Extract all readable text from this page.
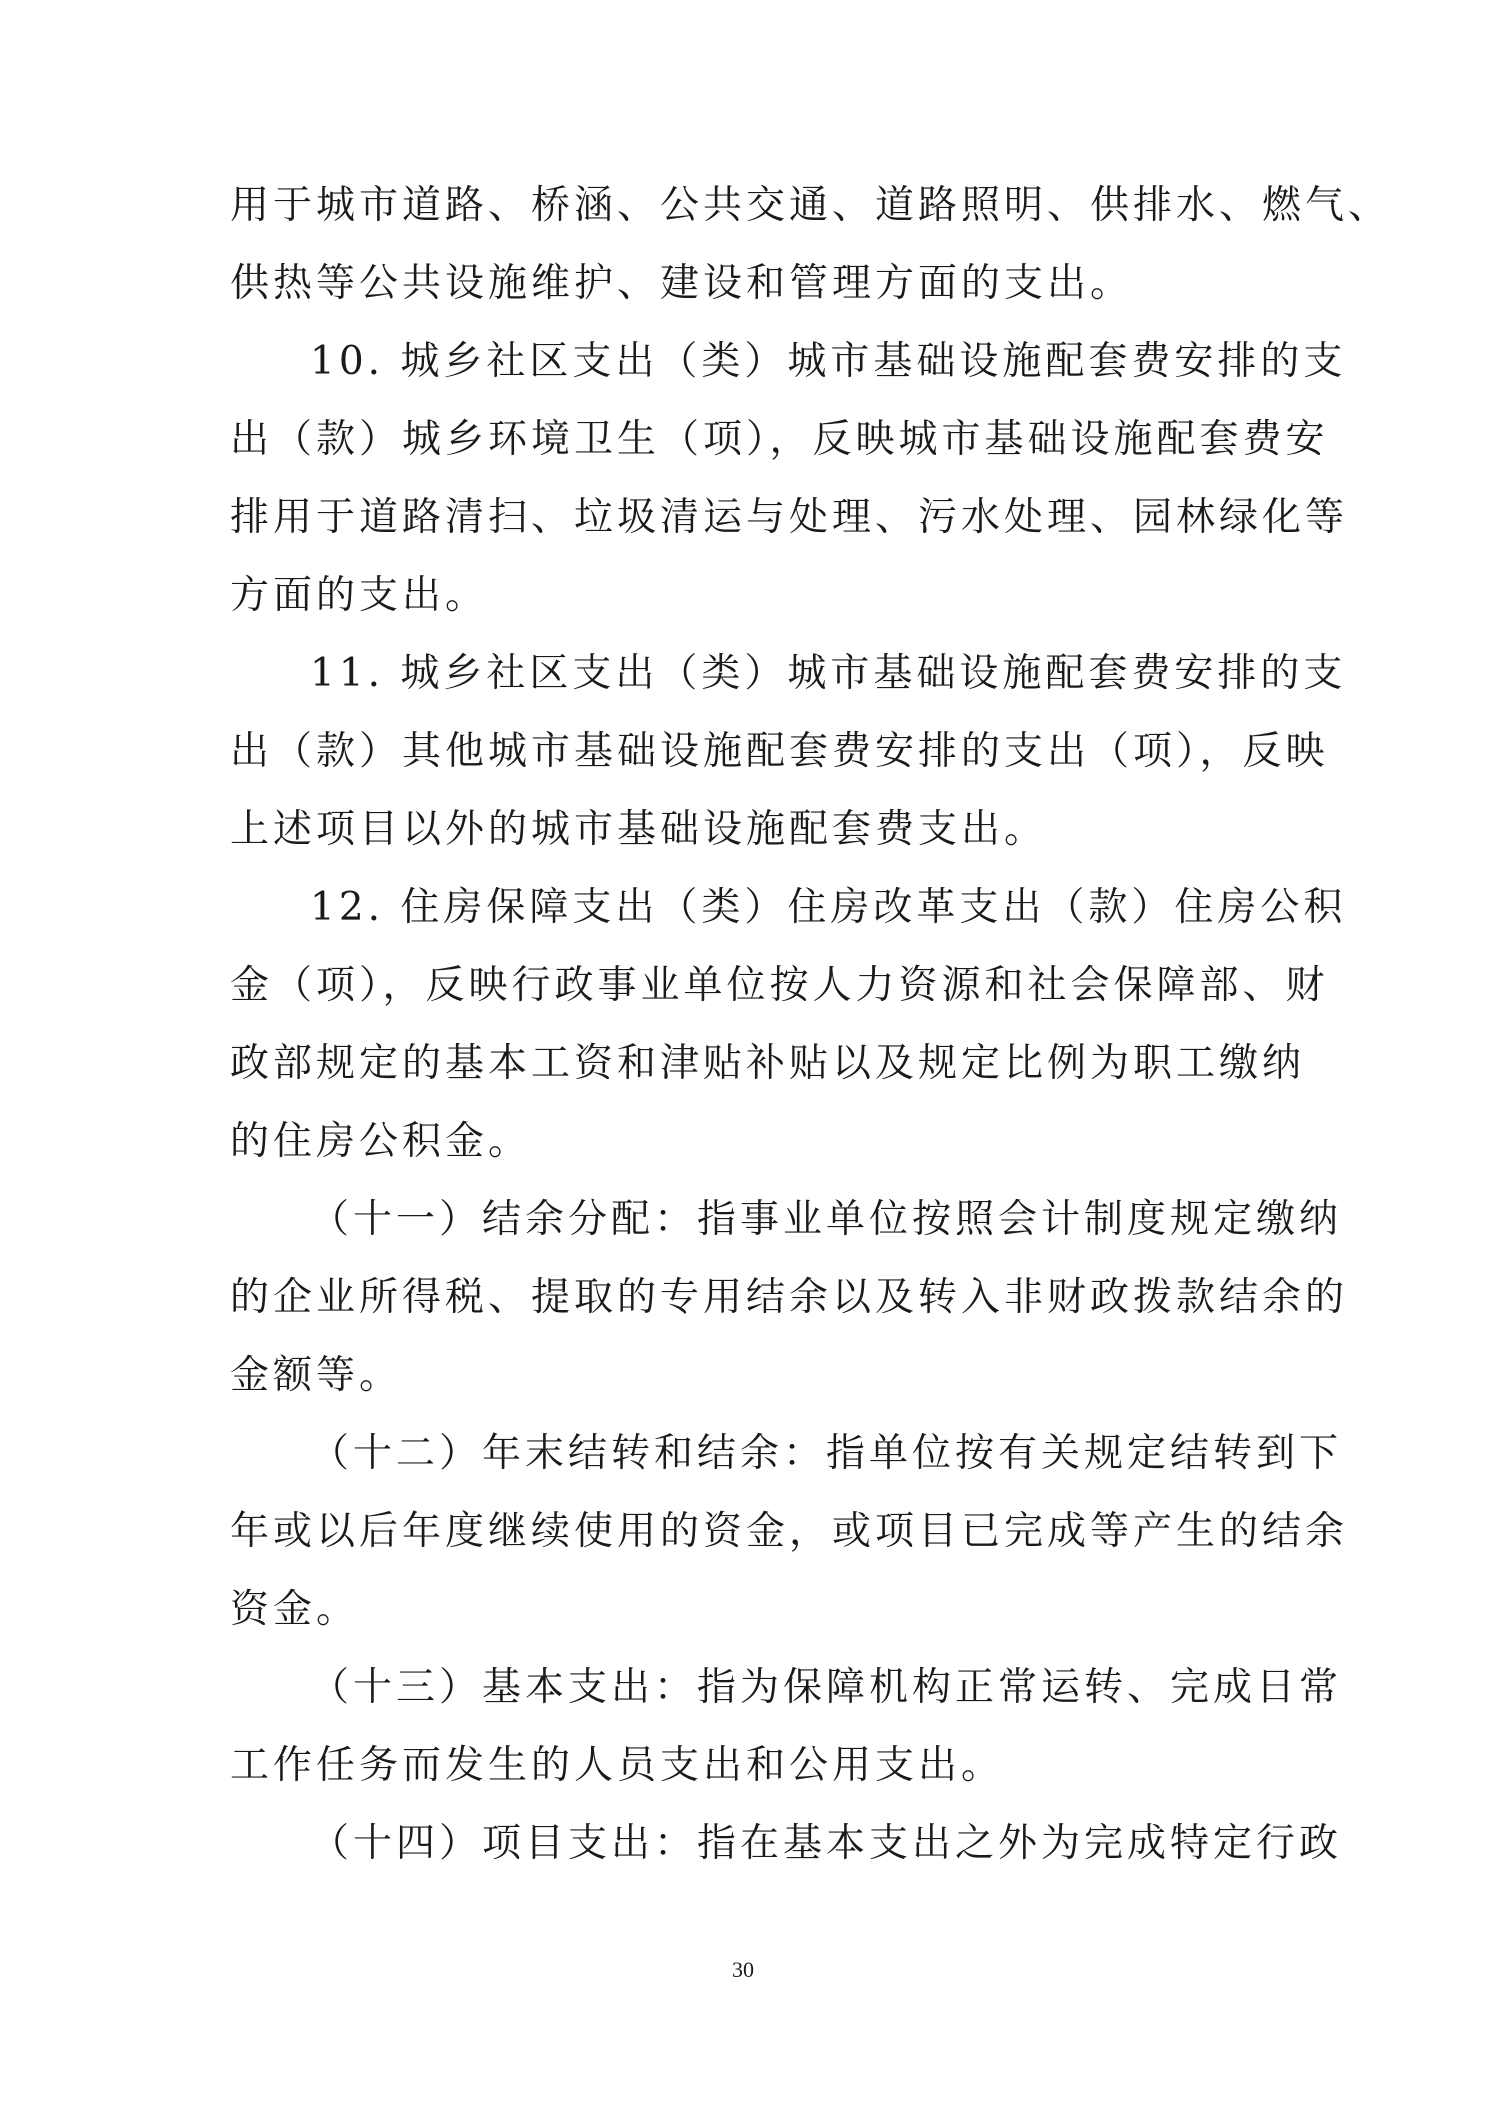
用于城市道路、桥涵、公共交通、道路照明、供排水、燃气、
供热等公共设施维护、建设和管理方面的支出。
10. 城乡社区支出（类）城市基础设施配套费安排的支
出（款）城乡环境卫生（项），反映城市基础设施配套费安
排用于道路清扫、垃圾清运与处理、污水处理、园林绿化等
方面的支出。
11. 城乡社区支出（类）城市基础设施配套费安排的支
出（款）其他城市基础设施配套费安排的支出（项），反映
上述项目以外的城市基础设施配套费支出。
12. 住房保障支出（类）住房改革支出（款）住房公积
金（项），反映行政事业单位按人力资源和社会保障部、财
政部规定的基本工资和津贴补贴以及规定比例为职工缴纳
的住房公积金。
（十一）结余分配：指事业单位按照会计制度规定缴纳
的企业所得税、提取的专用结余以及转入非财政拨款结余的
金额等。
（十二）年末结转和结余：指单位按有关规定结转到下
年或以后年度继续使用的资金，或项目已完成等产生的结余
资金。
（十三）基本支出：指为保障机构正常运转、完成日常
工作任务而发生的人员支出和公用支出。
（十四）项目支出：指在基本支出之外为完成特定行政
30
